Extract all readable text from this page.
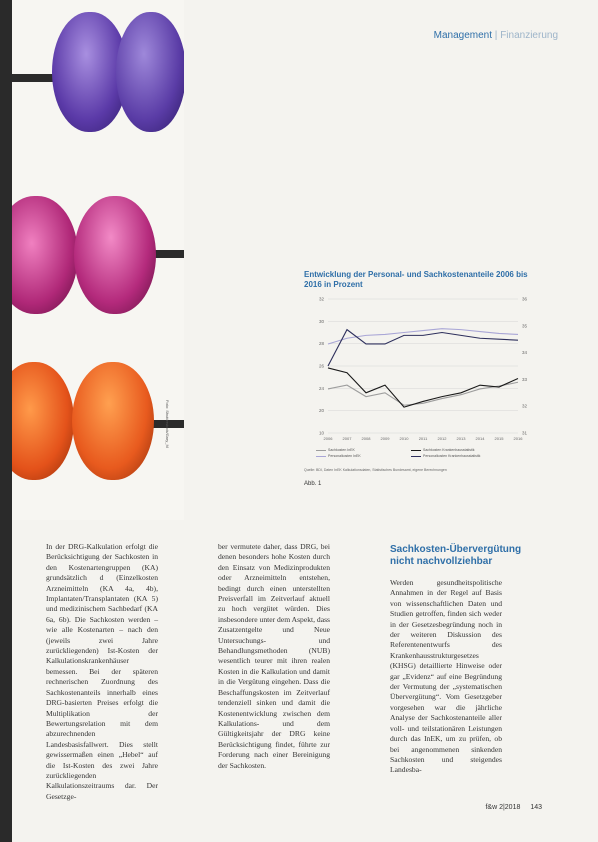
Foto: Shutterstock/Gary_M
Management | Finanzierung
Entwicklung der Personal- und Sachkostenanteile 2006 bis 2016 in Prozent
10
20
24
26
28
30
32
31
32
33
34
35
36
2006	2007	2008	2009	2010	2011	2012	2013	2014	2015	2016
Sachkosten InEK	Sachkosten Krankenhausstatistik
Personalkosten InEK	Personalkosten Krankenhausstatistik
Quelle: BDI, Daten InEK Kalkulationsdaten, Statistisches Bundesamt, eigene Berechnungen
Abb. 1

In der DRG-Kalkulation erfolgt die Berücksichtigung der Sachkosten in den Kostenartengruppen (KA) grundsätzlich d (Einzelkosten Arzneimitteln (KA 4a, 4b), Implantaten/Transplantaten (KA 5) und medizinischem Sachbedarf (KA 6a, 6b). Die Sachkosten werden – wie alle Kostenarten – nach den (jeweils zwei Jahre zurückliegenden) Ist-Kosten der Kalkulationskrankenhäuser bemessen. Bei der späteren rechnerischen Zuordnung des Sachkostenanteils innerhalb eines DRG-basierten Preises erfolgt die Multiplikation der Bewertungsrelation mit dem abzurechnenden Landesbasisfallwert. Dies stellt gewissermaßen einen „Hebel“ auf die Ist-Kosten des zwei Jahre zurückliegenden Kalkulationszeitraums dar. Der Gesetzge-

ber vermutete daher, dass DRG, bei denen besonders hohe Kosten durch den Einsatz von Medizinprodukten oder Arzneimitteln entstehen, bedingt durch einen unterstellten Preisverfall im Zeitverlauf aktuell zu hoch vergütet würden. Dies insbesondere unter dem Aspekt, dass Zusatzentgelte und Neue Untersuchungs- und Behandlungsmethoden (NUB) wesentlich teurer mit ihren realen Kosten in die Kalkulation und damit in die Vergütung eingehen. Dass die Beschaffungskosten im Zeitverlauf tendenziell sinken und damit die Kostenentwicklung zwischen dem Kalkulations- und dem Gültigkeitsjahr der DRG keine Berücksichtigung findet, führte zur Forderung nach einer Bereinigung der Sachkosten.

Sachkosten-Übervergütung nicht nachvollziehbar

Werden gesundheitspolitische Annahmen in der Regel auf Basis von wissenschaftlichen Daten und Studien getroffen, finden sich weder in der Gesetzesbegründung noch in der weiteren Diskussion des Referentenentwurfs des Krankenhausstrukturgesetzes (KHSG) detaillierte Hinweise oder gar „Evidenz“ auf eine Begründung der Vermutung der „systematischen Übervergütung“. Vom Gesetzgeber vorgesehen war die jährliche Analyse der Sachkostenanteile aller voll- und teilstationären Leistungen durch das InEK, um zu prüfen, ob bei angenommenen sinkenden Sachkosten und steigendes Landesba-

f&w 2|2018 143
